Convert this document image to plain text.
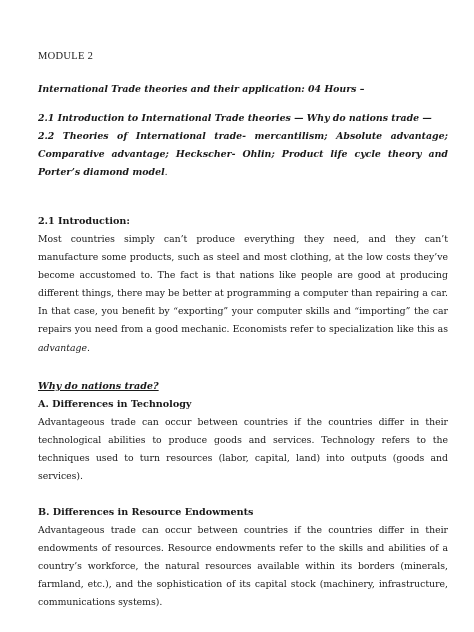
MODULE 2
International Trade theories and their application: 04 Hours –

2.1 Introduction to International Trade theories — Why do nations trade —

2.2 Theories of International trade- mercantilism; Absolute advantage; Comparative advantage; Heckscher- Ohlin; Product life cycle theory and Porter’s diamond model.

2.1 Introduction:

Most countries simply can’t produce everything they need, and they can’t manufacture some products, such as steel and most clothing, at the low costs they’ve become accustomed to. The fact is that nations like people are good at producing different things, there may be better at programming a computer than repairing a car. In that case, you benefit by “exporting” your computer skills and “importing” the car repairs you need from a good mechanic. Economists refer to specialization like this as advantage.

Why do nations trade?

A. Differences in Technology

Advantageous trade can occur between countries if the countries differ in their technological abilities to produce goods and services. Technology refers to the techniques used to turn resources (labor, capital, land) into outputs (goods and services).

B. Differences in Resource Endowments

Advantageous trade can occur between countries if the countries differ in their endowments of resources. Resource endowments refer to the skills and abilities of a country’s workforce, the natural resources available within its borders (minerals, farmland, etc.), and the sophistication of its capital stock (machinery, infrastructure, communications systems).
